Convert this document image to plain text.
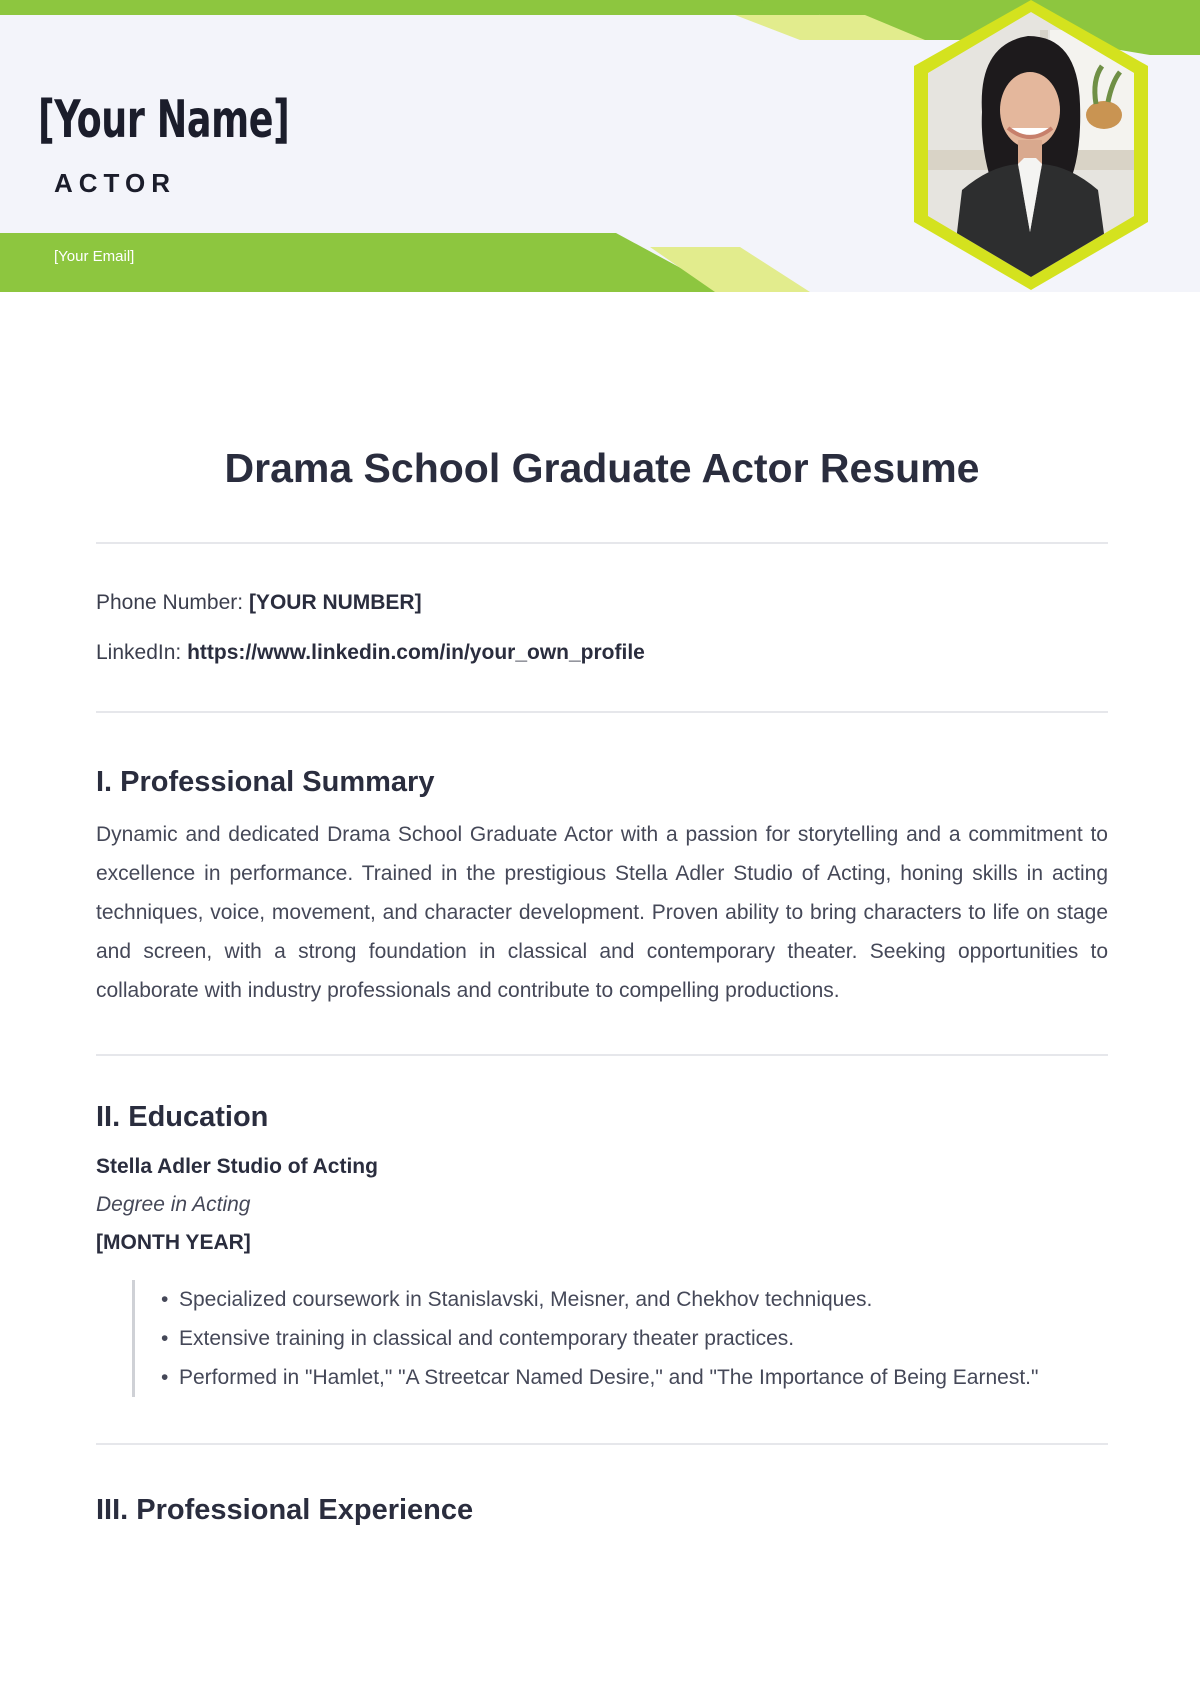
[Your Name]
ACTOR
[Your Email]
Drama School Graduate Actor Resume

Phone Number: [YOUR NUMBER]

LinkedIn: https://www.linkedin.com/in/your_own_profile

I. Professional Summary

Dynamic and dedicated Drama School Graduate Actor with a passion for storytelling and a commitment to excellence in performance. Trained in the prestigious Stella Adler Studio of Acting, honing skills in acting techniques, voice, movement, and character development. Proven ability to bring characters to life on stage and screen, with a strong foundation in classical and contemporary theater. Seeking opportunities to collaborate with industry professionals and contribute to compelling productions.

II. Education
Stella Adler Studio of Acting
Degree in Acting
[MONTH YEAR]
• Specialized coursework in Stanislavski, Meisner, and Chekhov techniques.
• Extensive training in classical and contemporary theater practices.
• Performed in "Hamlet," "A Streetcar Named Desire," and "The Importance of Being Earnest."
III. Professional Experience
